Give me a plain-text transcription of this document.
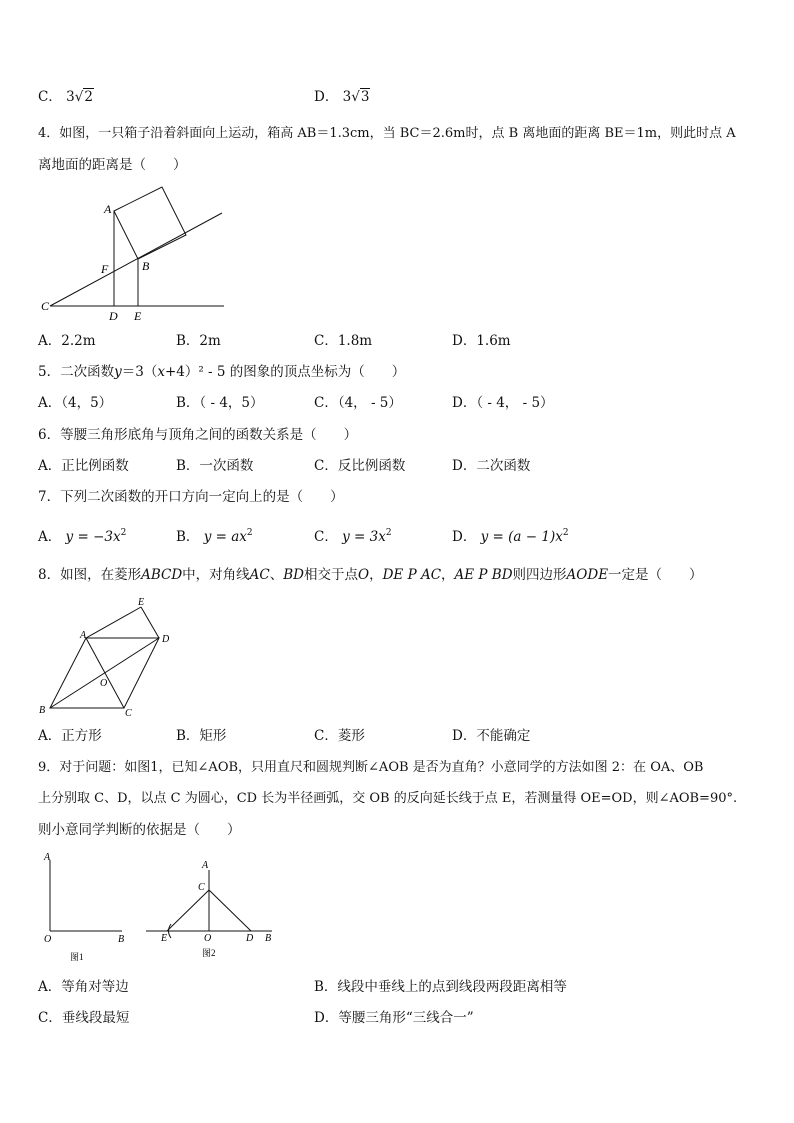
C． 3√2	D． 3√3
4．如图，一只箱子沿着斜面向上运动，箱高 AB＝1.3cm，当 BC＝2.6m时，点 B 离地面的距离 BE＝1m，则此时点 A
离地面的距离是（　　）
A
B
C
D E
F
A．2.2m	B．2m	C．1.8m	D．1.6m
5．二次函数y＝3（x+4）² - 5 的图象的顶点坐标为（　　）
A．（4，5）	B．（ - 4，5）	C．（4， - 5）	D．（ - 4， - 5）
6．等腰三角形底角与顶角之间的函数关系是（　　）
A．正比例函数	B．一次函数	C．反比例函数	D．二次函数
7．下列二次函数的开口方向一定向上的是（　　）
A． $y = -3x^2$	B． $y = ax^2$	C． $y = 3x^2$	D． $y = (a - 1)x^2$
8．如图，在菱形ABCD中，对角线AC、BD相交于点O，DE P AC，AE P BD则四边形AODE一定是（　　）
A
E
D
O
B	C
A．正方形	B．矩形	C．菱形	D．不能确定
9．对于问题：如图1，已知∠AOB，只用直尺和圆规判断∠AOB 是否为直角？小意同学的方法如图 2：在 OA、OB
上分别取 C、D，以点 C 为圆心，CD 长为半径画弧，交 OB 的反向延长线于点 E，若测量得 OE=OD，则∠AOB=90°.
则小意同学判断的依据是（　　）
A
O	B
图1
A
C
E	O	D B
图2
A．等角对等边	B．线段中垂线上的点到线段两段距离相等
C．垂线段最短	D．等腰三角形“三线合一”
